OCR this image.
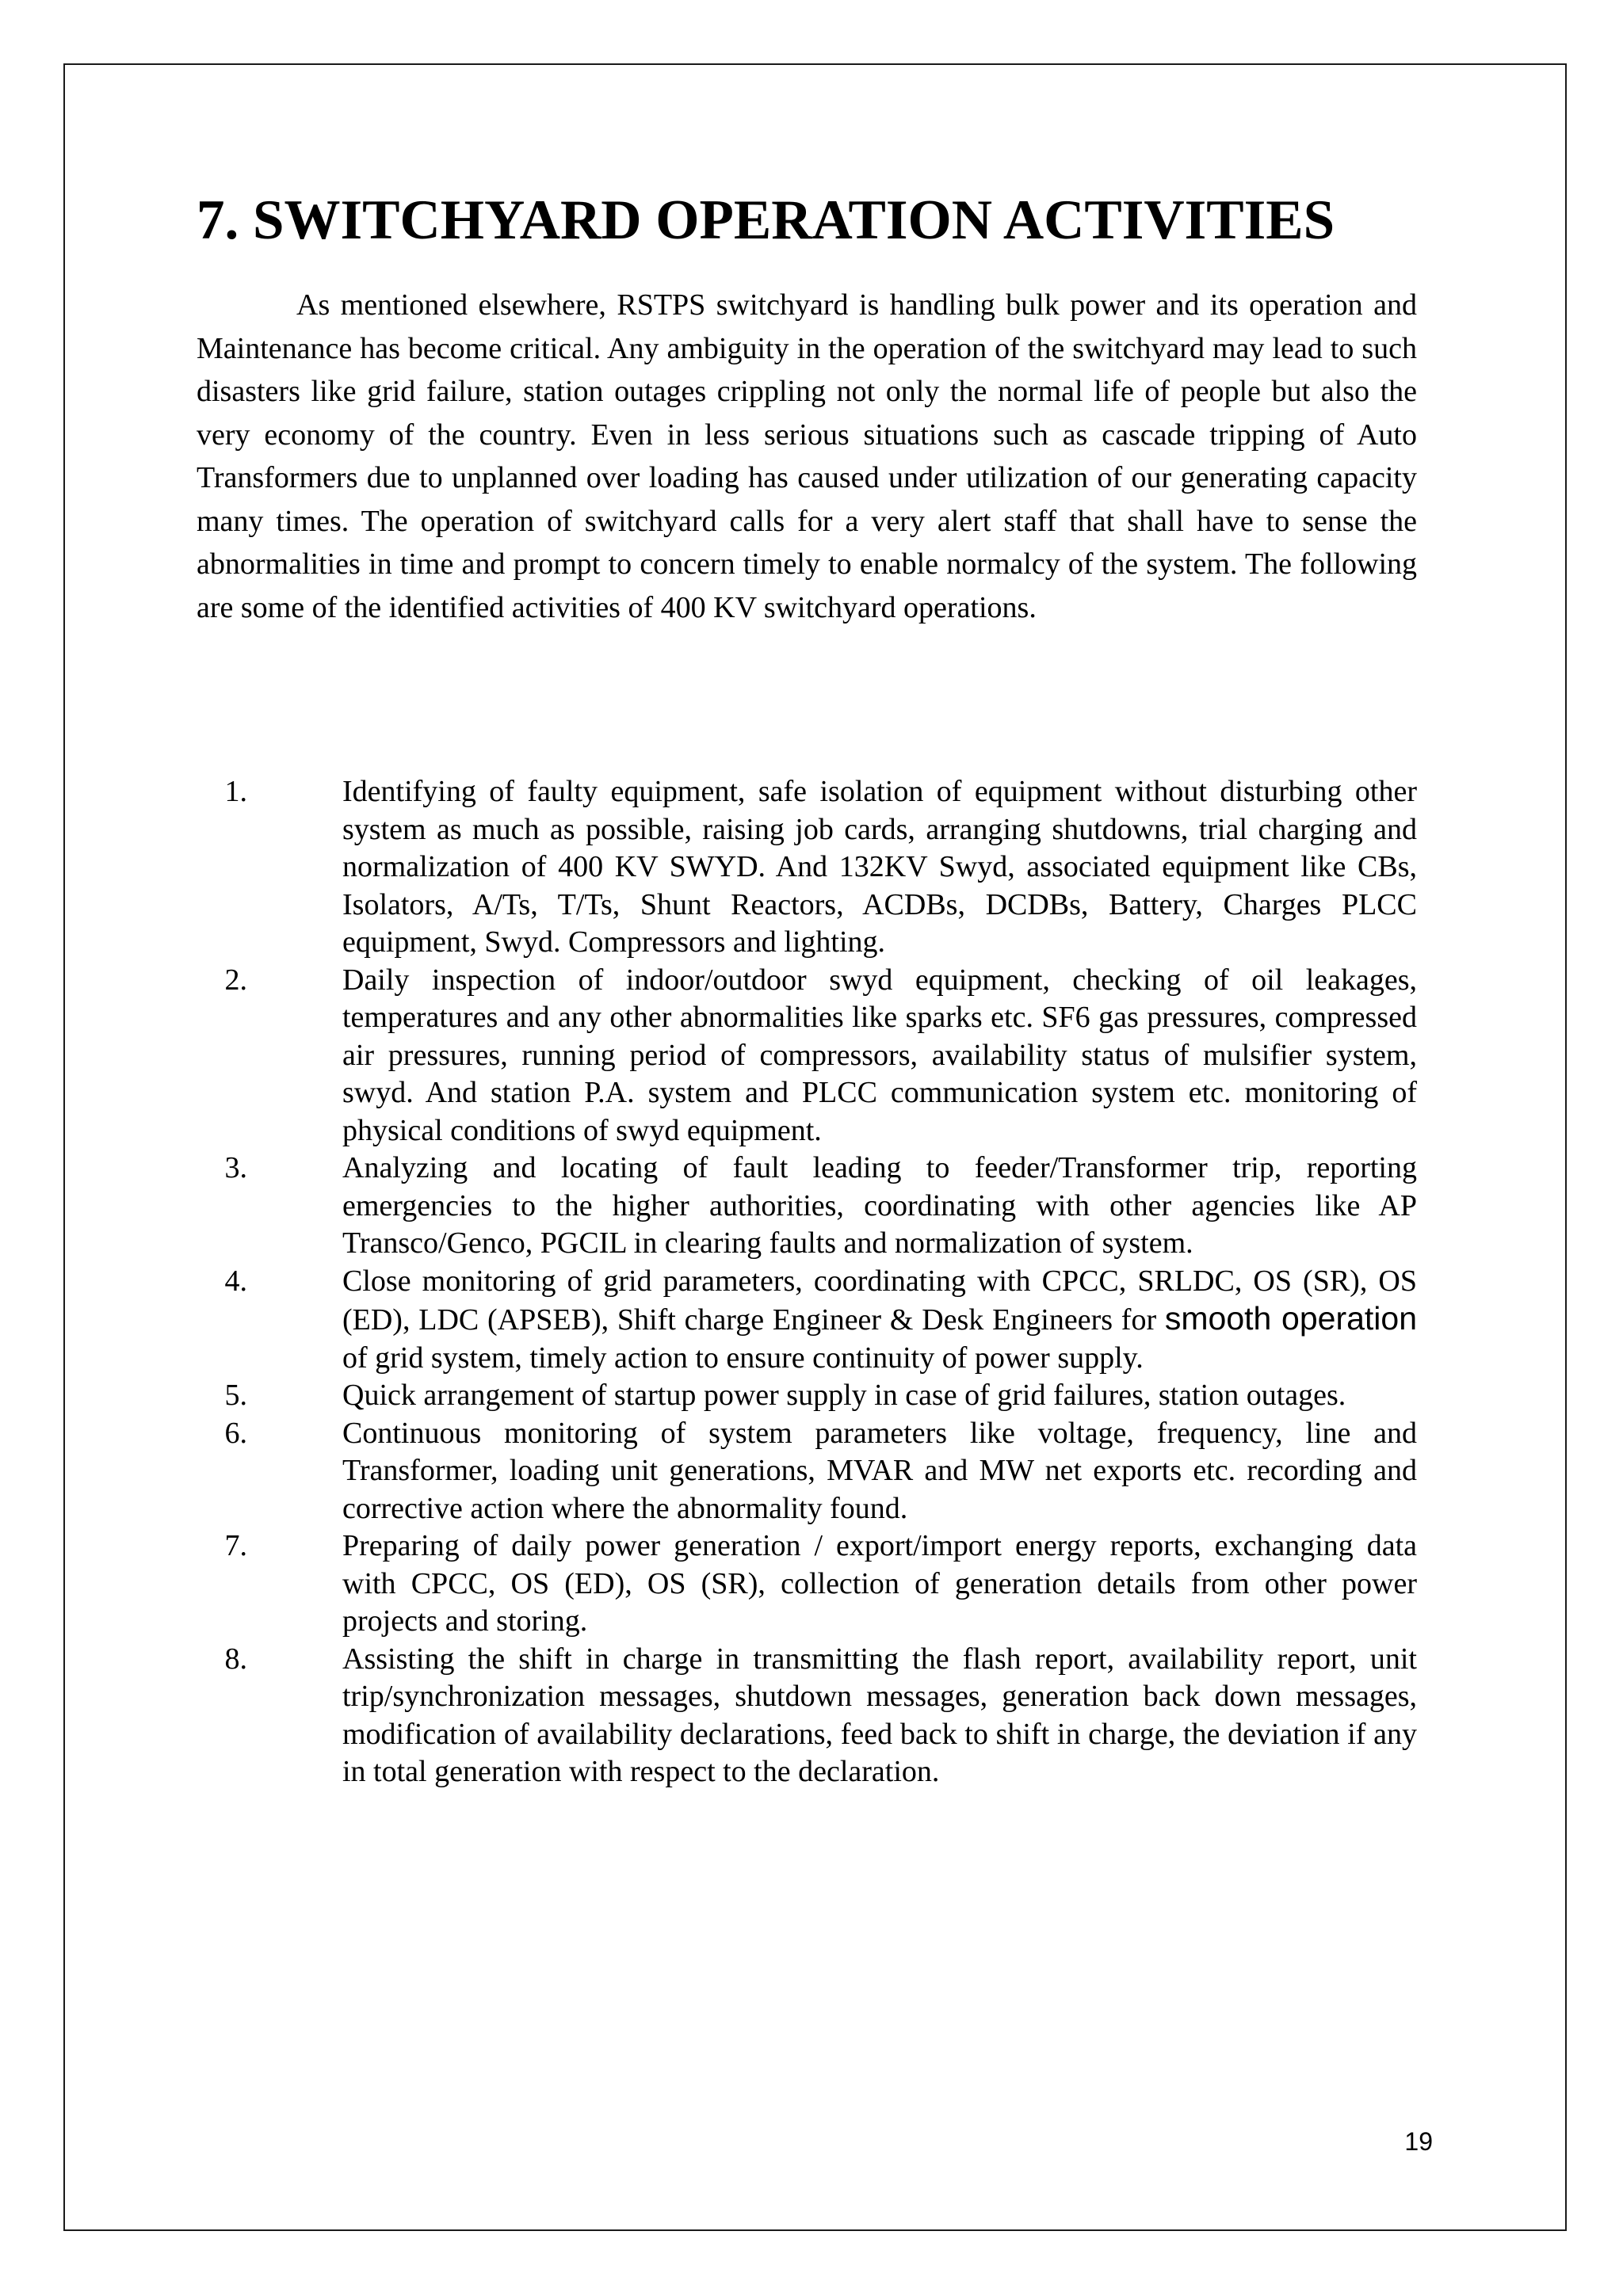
7. SWITCHYARD OPERATION ACTIVITIES

As mentioned elsewhere, RSTPS switchyard is handling bulk power and its operation and Maintenance has become critical. Any ambiguity in the operation of the switchyard may lead to such disasters like grid failure, station outages crippling not only the normal life of people but also the very economy of the country. Even in less serious situations such as cascade tripping of Auto Transformers due to unplanned over loading has caused under utilization of our generating capacity many times. The operation of switchyard calls for a very alert staff that shall have to sense the abnormalities in time and prompt to concern timely to enable normalcy of the system. The following are some of the identified activities of 400 KV switchyard operations.

1.	Identifying of faulty equipment, safe isolation of equipment without disturbing other system as much as possible, raising job cards, arranging shutdowns, trial charging and normalization of 400 KV SWYD. And 132KV Swyd, associated equipment like CBs, Isolators, A/Ts, T/Ts, Shunt Reactors, ACDBs, DCDBs, Battery, Charges PLCC equipment, Swyd. Compressors and lighting.
2.	Daily inspection of indoor/outdoor swyd equipment, checking of oil leakages, temperatures and any other abnormalities like sparks etc. SF6 gas pressures, compressed air pressures, running period of compressors, availability status of mulsifier system, swyd. And station P.A. system and PLCC communication system etc. monitoring of physical conditions of swyd equipment.
3.	Analyzing and locating of fault leading to feeder/Transformer trip, reporting emergencies to the higher authorities, coordinating with other agencies like AP Transco/Genco, PGCIL in clearing faults and normalization of system.
4.	Close monitoring of grid parameters, coordinating with CPCC, SRLDC, OS (SR), OS (ED), LDC (APSEB), Shift charge Engineer & Desk Engineers for smooth operation of grid system, timely action to ensure continuity of power supply.
5.	Quick arrangement of startup power supply in case of grid failures, station outages.
6.	Continuous monitoring of system parameters like voltage, frequency, line and Transformer, loading unit generations, MVAR and MW net exports etc. recording and corrective action where the abnormality found.
7.	Preparing of daily power generation / export/import energy reports, exchanging data with CPCC, OS (ED), OS (SR), collection of generation details from other power projects and storing.
8.	Assisting the shift in charge in transmitting the flash report, availability report, unit trip/synchronization messages, shutdown messages, generation back down messages, modification of availability declarations, feed back to shift in charge, the deviation if any in total generation with respect to the declaration.
19
